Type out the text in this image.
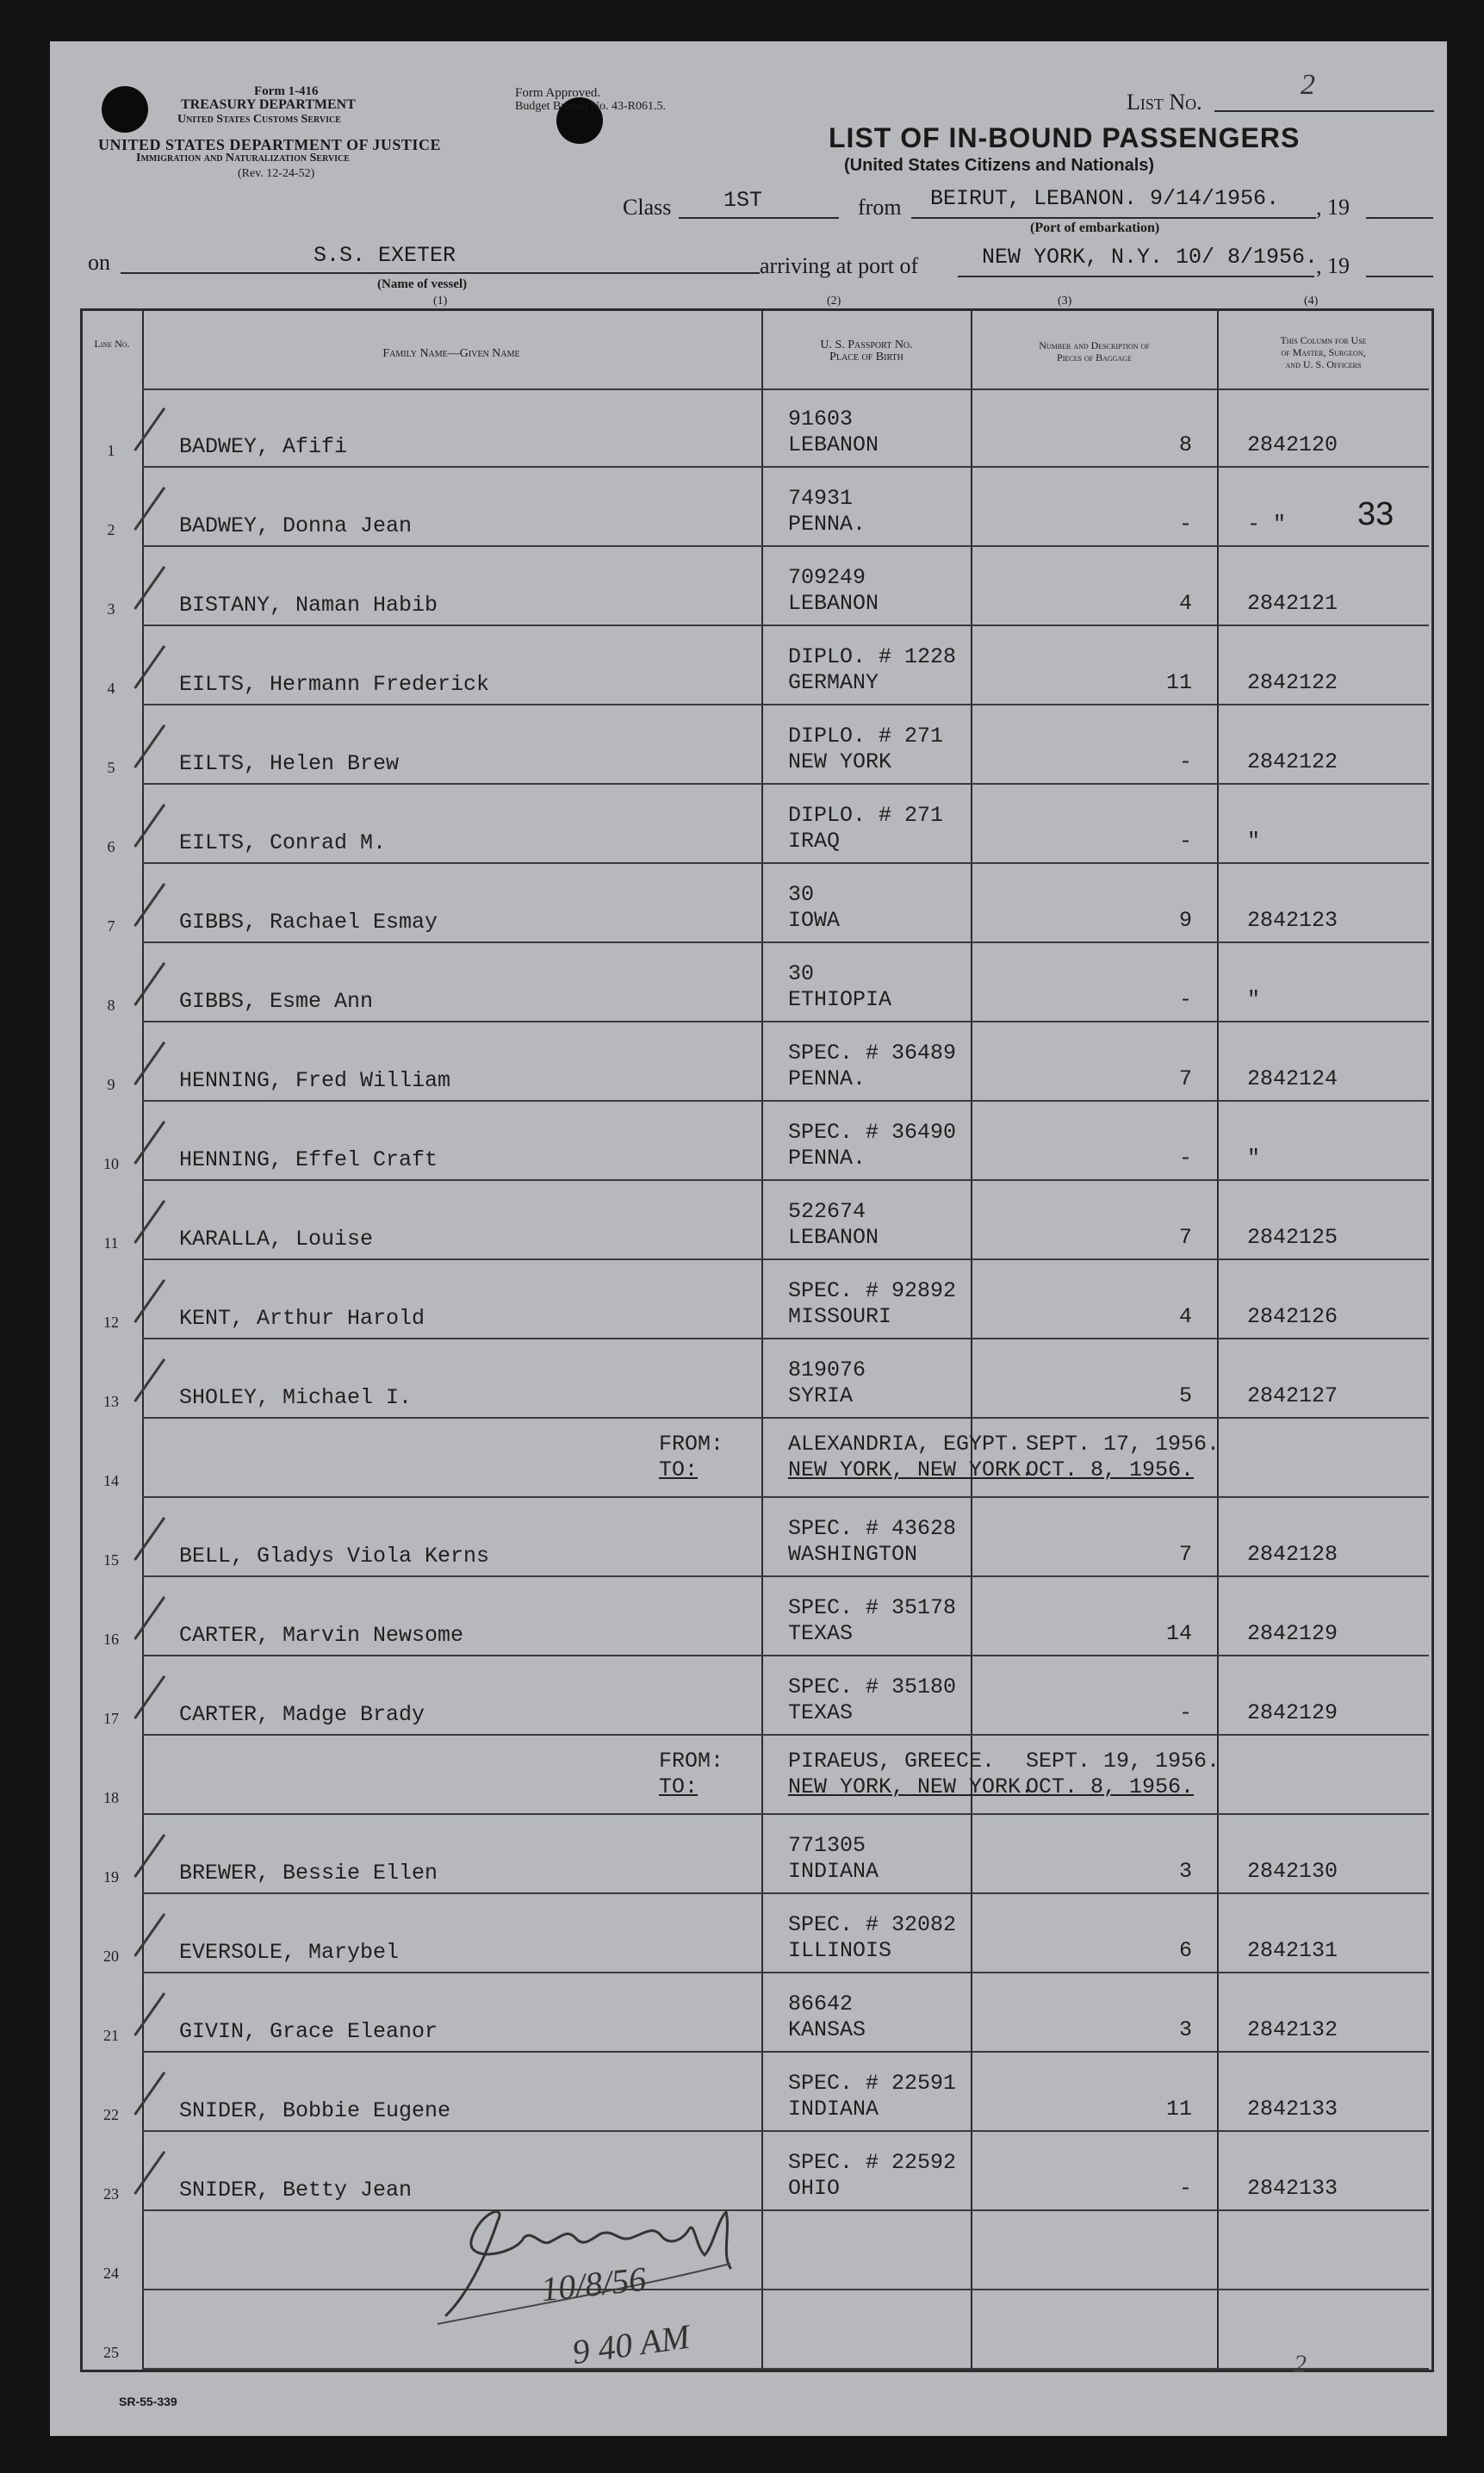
Form 1-416
TREASURY DEPARTMENT
United States Customs Service
UNITED STATES DEPARTMENT OF JUSTICE
Immigration and Naturalization Service
(Rev. 12-24-52)
Form Approved.
Budget Bureau No. 43-R061.5.	List No.
2
LIST OF IN-BOUND PASSENGERS
(United States Citizens and Nationals)
Class 1ST	from BEIRUT, LEBANON. 9/14/1956. , 19
(Port of embarkation)
on	S.S. EXETER
(Name of vessel)
arriving at port of	NEW YORK, N.Y. 10/ 8/1956.
, 19
(1)	(2)	(3)	(4)
Line No.
Family Name—Given Name
U. S. Passport No.
Place of Birth
Number and Description of
Pieces of Baggage
This Column for Use
of Master, Surgeon,
and U. S. Officers
1	BADWEY, Afifi
91603
LEBANON	8	2842120
2	BADWEY, Donna Jean
74931
PENNA.	-	- "
3	BISTANY, Naman Habib
709249
LEBANON	4	2842121
4	EILTS, Hermann Frederick
DIPLO. # 1228
GERMANY	11	2842122
5	EILTS, Helen Brew
DIPLO. # 271
NEW YORK	-	2842122
6	EILTS, Conrad M.
DIPLO. # 271
IRAQ	-	"
7	GIBBS, Rachael Esmay
30
IOWA	9	2842123
8	GIBBS, Esme Ann
30
ETHIOPIA	-	"
9	HENNING, Fred William
SPEC. # 36489
PENNA.	7	2842124
10	HENNING, Effel Craft
SPEC. # 36490
PENNA.	-	"
11	KARALLA, Louise
522674
LEBANON	7	2842125
12	KENT, Arthur Harold
SPEC. # 92892
MISSOURI	4	2842126
13	SHOLEY, Michael I.
819076
SYRIA	5	2842127
14
FROM:
TO:
ALEXANDRIA, EGYPT.
NEW YORK, NEW YORK.
SEPT. 17, 1956.
OCT. 8, 1956.
15	BELL, Gladys Viola Kerns
SPEC. # 43628
WASHINGTON	7	2842128
16	CARTER, Marvin Newsome
SPEC. # 35178
TEXAS	14	2842129
17	CARTER, Madge Brady
SPEC. # 35180
TEXAS	-	2842129
18
FROM:
TO:
PIRAEUS, GREECE.
NEW YORK, NEW YORK.
SEPT. 19, 1956.
OCT. 8, 1956.
19	BREWER, Bessie Ellen
771305
INDIANA	3	2842130
20	EVERSOLE, Marybel
SPEC. # 32082
ILLINOIS	6	2842131
21	GIVIN, Grace Eleanor
86642
KANSAS	3	2842132
22	SNIDER, Bobbie Eugene
SPEC. # 22591
INDIANA	11	2842133
23	SNIDER, Betty Jean
SPEC. # 22592
OHIO	-	2842133
24
25
33
10/8/56
9 40 AM	2
SR-55-339
